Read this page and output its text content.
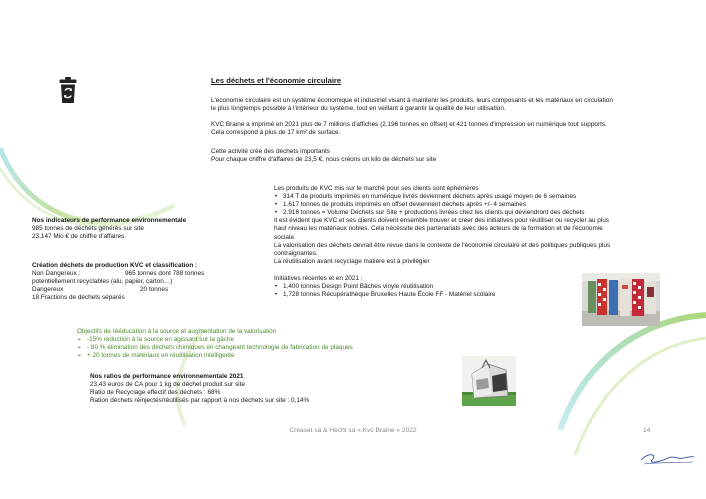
Les déchets et l'économie circulaire
L'économie circulaire est un système économique et industriel visant à maintenir les produits, leurs composants et les matériaux en circulation
le plus longtemps possible à l'intérieur du système, tout en veillant à garantir la qualité de leur utilisation.
KVC Braine a imprimé en 2021 plus de 7 millions d'affiches (2.196 tonnes en offset) et 421 tonnes d'impression en numérique tout supports.
Cela correspond à plus de 17 km² de surface.
Cette activité crée des déchets importants
Pour chaque chiffre d'affaires de 23,5 €, nous créons un kilo de déchets sur site
Les produits de KVC mis sur le marché pour ses clients sont éphémères
• 314 T de produits imprimés en numérique livrés deviennent déchets après usage moyen de 6 semaines
• 1.617 tonnes de produits imprimés en offset deviennent déchets après +/- 4 semaines
• 2.916 tonnes = Volume Déchets sur Site + productions livrées chez les clients qui deviendront des déchets
Il est évident que KVC et ses clients doivent ensemble trouver et créer des initiatives pour réutiliser ou recycler au plus
haut niveau les matériaux nobles. Cela nécessite des partenariats avec des acteurs de la formation et de l'économie
sociale.
La valorisation des déchets devrait être revue dans le contexte de l'économie circulaire et des politiques publiques plus
contraignantes.
La réutilisation avant recyclage matière est à privilégier
Initiatives récentes et en 2021 :
• 1,400 tonnes Design Point Bâches vinyle réutilisation
• 1,728 tonnes Récupérathèque Bruxelles Haute École FF - Matériel scolaire
Nos indicateurs de performance environnementale
985 tonnes de déchets générés sur site
23,147 Mio € de chiffre d'affaires
Création déchets de production KVC et classification :
Non Dangereux :	965 tonnes dont 788 tonnes
potentiellement recyclables (alu, papier, carton…)
Dangereux	20 tonnes
18 Fractions de déchets séparés
Objectifs de rééducation à la source et augmentation de la valorisation
➢ -15% réduction à la source en agissant sur la gâche
➢ - 80 % élimination des déchets chimiques en changeant technologie de fabrication de plaques
➢ + 20 tonnes de matériaux en réutilisation intelligente
Nos ratios de performance environnementale 2021
23,43 euros de CA pour 1 kg de déchet produit sur site
Ratio de Recyclage effectif des déchets : 68%
Ration déchets réinjectés/réutilisés par rapport à nos déchets sur site : 0,14%
Créaset sa & Hecht sa « Kvc Braine » 2022	14
